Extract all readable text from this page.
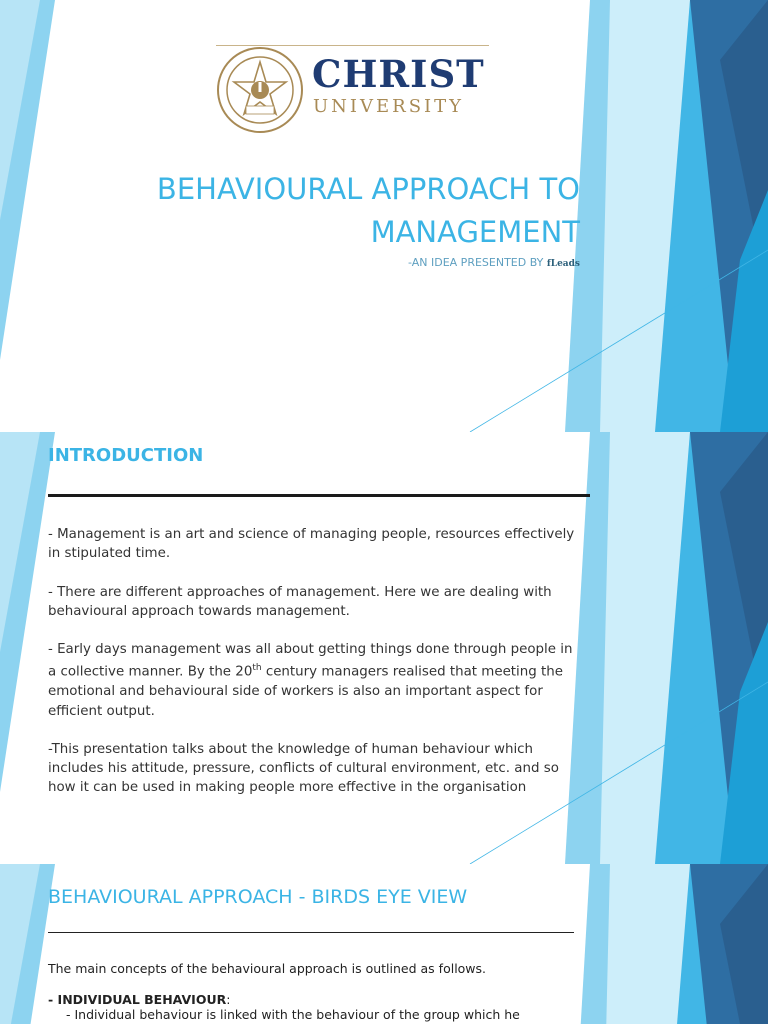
CHRIST
UNIVERSITY
BEHAVIOURAL APPROACH TO
MANAGEMENT
-AN IDEA PRESENTED BY fLeads
INTRODUCTION

- Management is an art and science of managing people, resources effectively in stipulated time.

- There are different approaches of management. Here we are dealing with behavioural approach towards management.

- Early days management was all about getting things done through people in a collective manner. By the 20th century managers realised that meeting the emotional and behavioural side of workers is also an important aspect for efficient output.

-This presentation talks about the knowledge of human behaviour which includes his attitude, pressure, conflicts of cultural environment, etc. and so how it can be used in making people more effective in the organisation

BEHAVIOURAL APPROACH - BIRDS EYE VIEW
The main concepts of the behavioural approach is outlined as follows.
- INDIVIDUAL BEHAVIOUR:
- Individual behaviour is linked with the behaviour of the group which he
